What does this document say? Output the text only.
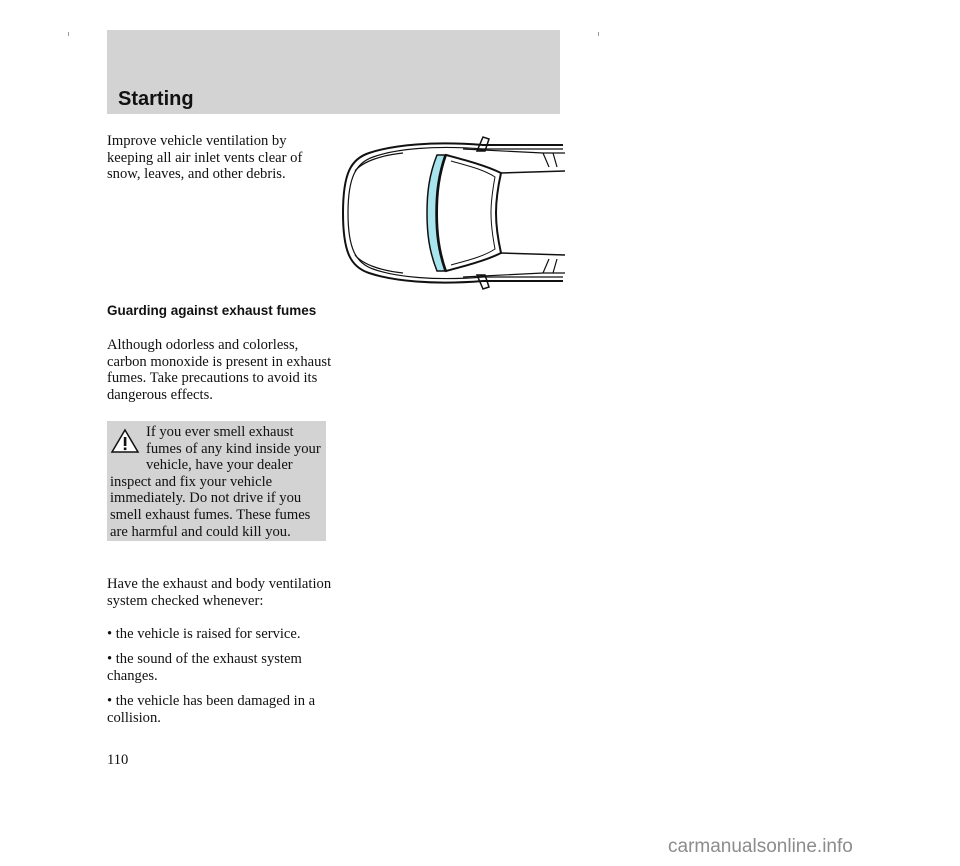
Starting
Improve vehicle ventilation by keeping all air inlet vents clear of snow, leaves, and other debris.
Guarding against exhaust fumes
Although odorless and colorless, carbon monoxide is present in exhaust fumes. Take precautions to avoid its dangerous effects.
If you ever smell exhaust fumes of any kind inside your vehicle, have your dealer inspect and fix your vehicle immediately. Do not drive if you smell exhaust fumes. These fumes are harmful and could kill you.
Have the exhaust and body ventilation system checked whenever:
• the vehicle is raised for service.
• the sound of the exhaust system changes.
• the vehicle has been damaged in a collision.
110
carmanualsonline.info
